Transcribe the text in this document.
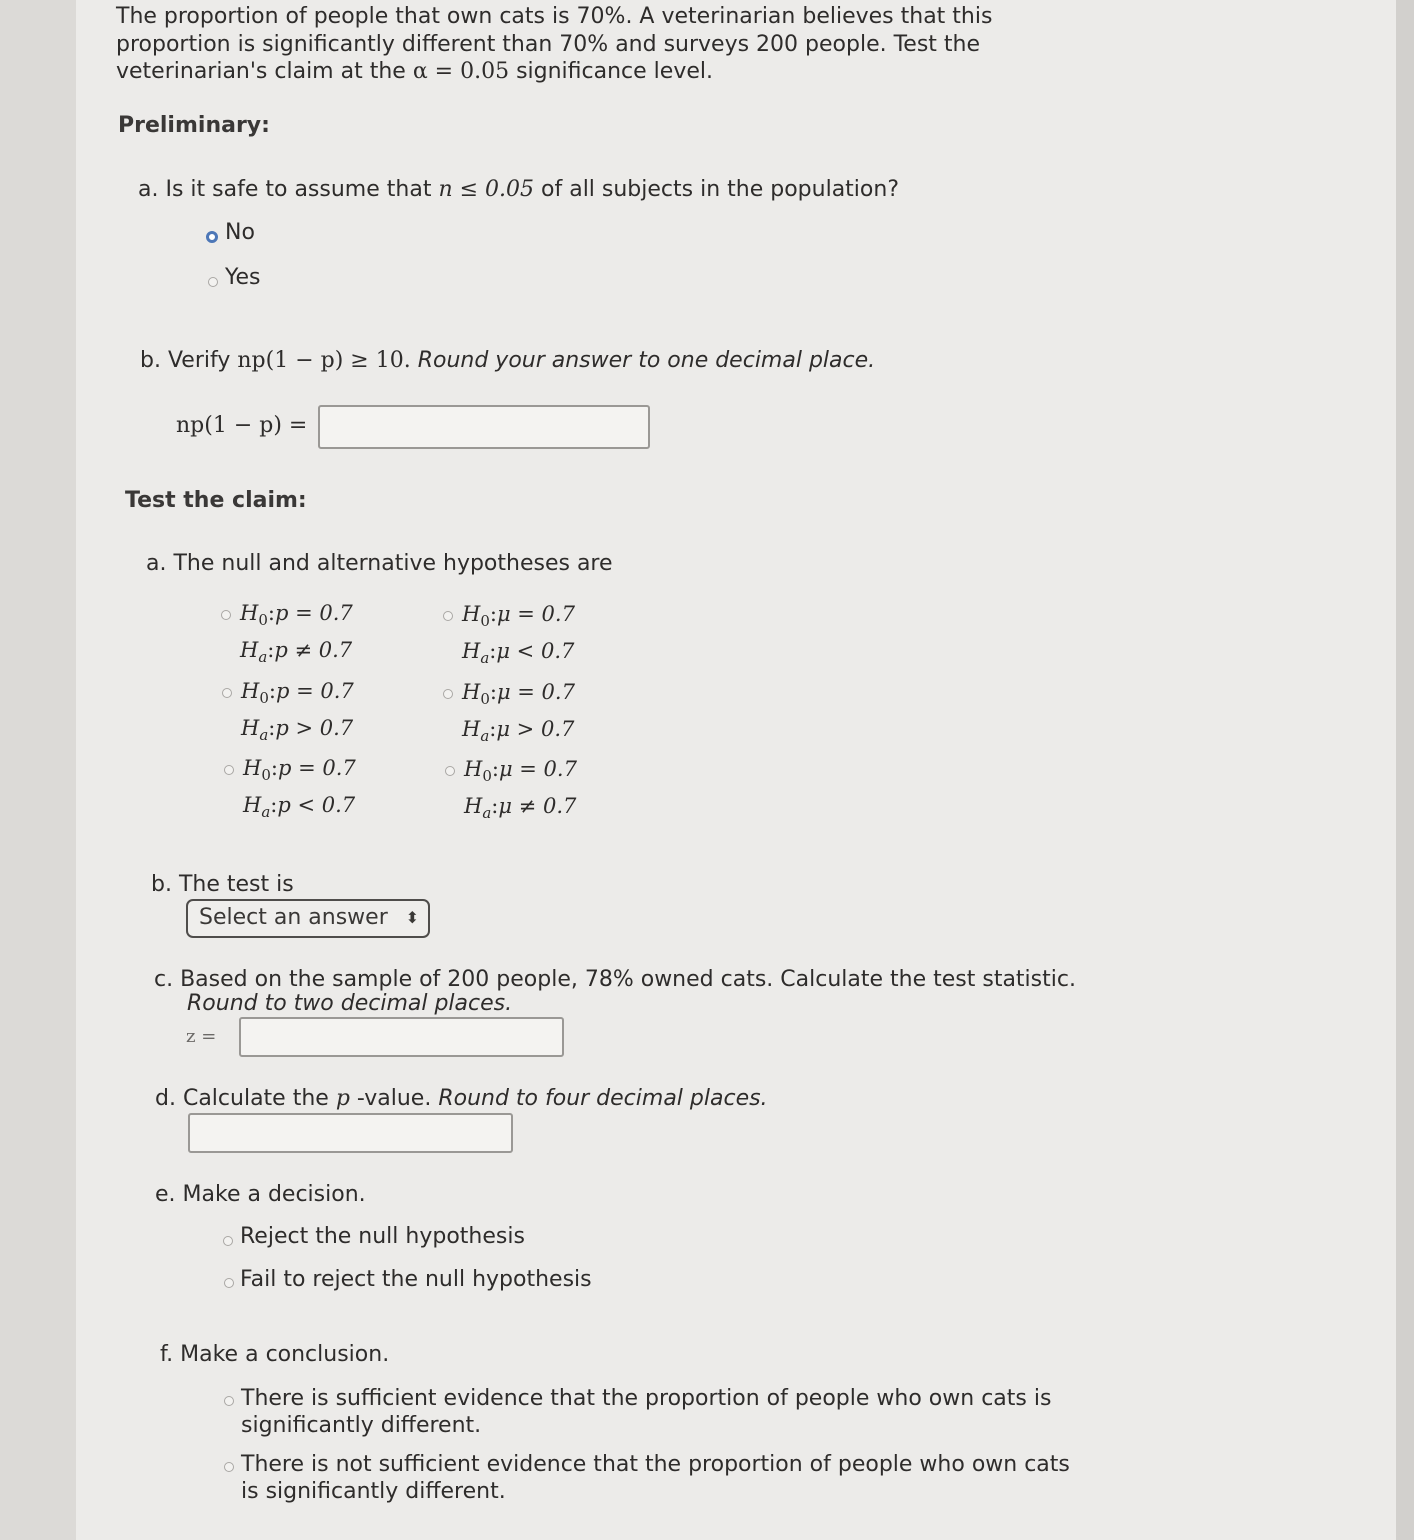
The proportion of people that own cats is 70%. A veterinarian believes that this
proportion is significantly different than 70% and surveys 200 people. Test the
veterinarian's claim at the α = 0.05 significance level.
Preliminary:
a. Is it safe to assume that n ≤ 0.05 of all subjects in the population?
No
Yes
b. Verify np(1 − p) ≥ 10. Round your answer to one decimal place.
np(1 − p) =
Test the claim:
a. The null and alternative hypotheses are
$H_0:p = 0.7$
$H_a:p \ne 0.7$
$H_0:\mu = 0.7$
$H_a:\mu < 0.7$
$H_0:p = 0.7$
$H_a:p > 0.7$
$H_0:\mu = 0.7$
$H_a:\mu > 0.7$
$H_0:p = 0.7$
$H_a:p < 0.7$
$H_0:\mu = 0.7$
$H_a:\mu \ne 0.7$
b. The test is
Select an answer ⬍
c. Based on the sample of 200 people, 78% owned cats. Calculate the test statistic.
Round to two decimal places.
z =
d. Calculate the p -value. Round to four decimal places.
e. Make a decision.
Reject the null hypothesis
Fail to reject the null hypothesis
f. Make a conclusion.
There is sufficient evidence that the proportion of people who own cats is
significantly different.
There is not sufficient evidence that the proportion of people who own cats
is significantly different.
